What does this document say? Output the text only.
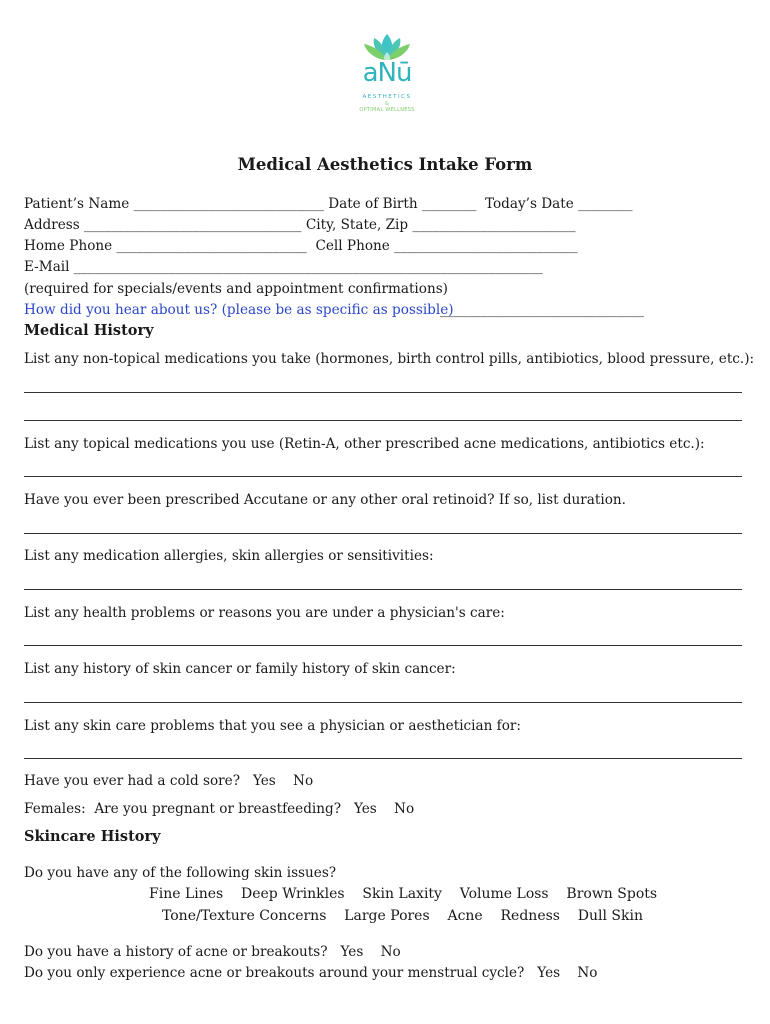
aNū
AESTHETICS
&
OPTIMAL WELLNESS
Medical Aesthetics Intake Form
Patient’s Name ____________________________ Date of Birth ________  Today’s Date ________
Address ________________________________ City, State, Zip ________________________
Home Phone ____________________________  Cell Phone ___________________________
E-Mail _____________________________________________________________________
(required for specials/events and appointment confirmations)
How did you hear about us? (please be as specific as possible)
______________________________
Medical History
List any non-topical medications you take (hormones, birth control pills, antibiotics, blood pressure, etc.):
List any topical medications you use (Retin-A, other prescribed acne medications, antibiotics etc.):
Have you ever been prescribed Accutane or any other oral retinoid? If so, list duration.
List any medication allergies, skin allergies or sensitivities:
List any health problems or reasons you are under a physician's care:
List any history of skin cancer or family history of skin cancer:
List any skin care problems that you see a physician or aesthetician for:
Have you ever had a cold sore?   Yes    No
Females:  Are you pregnant or breastfeeding?   Yes    No
Skincare History
Do you have any of the following skin issues?
Fine Lines    Deep Wrinkles    Skin Laxity    Volume Loss    Brown Spots
Tone/Texture Concerns    Large Pores    Acne    Redness    Dull Skin
Do you have a history of acne or breakouts?   Yes    No
Do you only experience acne or breakouts around your menstrual cycle?   Yes    No
